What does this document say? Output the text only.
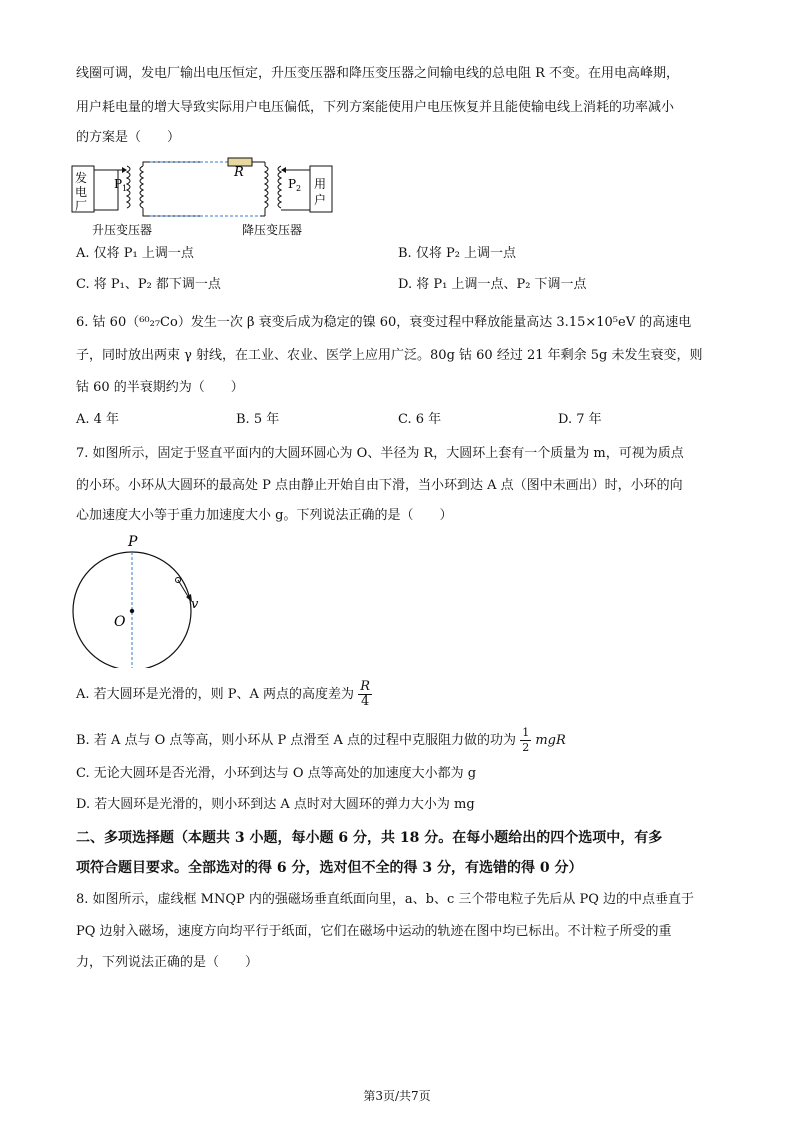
线圈可调，发电厂输出电压恒定，升压变压器和降压变压器之间输电线的总电阻 R 不变。在用电高峰期，
用户耗电量的增大导致实际用户电压偏低，下列方案能使用户电压恢复并且能使输电线上消耗的功率减小
的方案是（　　）
发
电
厂
P 1
R
P 2 用
户
升压变压器	降压变压器
A. 仅将 P₁ 上调一点	B. 仅将 P₂ 上调一点
C. 将 P₁、P₂ 都下调一点	D. 将 P₁ 上调一点、P₂ 下调一点
6. 钴 60（⁶⁰₂₇Co）发生一次 β 衰变后成为稳定的镍 60，衰变过程中释放能量高达 3.15×10⁵eV 的高速电
子，同时放出两束 γ 射线，在工业、农业、医学上应用广泛。80g 钴 60 经过 21 年剩余 5g 未发生衰变，则
钴 60 的半衰期约为（　　）
A. 4 年	B. 5 年	C. 6 年	D. 7 年
7. 如图所示，固定于竖直平面内的大圆环圆心为 O、半径为 R，大圆环上套有一个质量为 m，可视为质点
的小环。小环从大圆环的最高处 P 点由静止开始自由下滑，当小环到达 A 点（图中未画出）时，小环的向
心加速度大小等于重力加速度大小 g。下列说法正确的是（　　）
P
O
v
A. 若大圆环是光滑的，则 P、A 两点的高度差为 $\frac{R}{4}$
B. 若 A 点与 O 点等高，则小环从 P 点滑至 A 点的过程中克服阻力做的功为 $\frac{1}{2}$ mgR
C. 无论大圆环是否光滑，小环到达与 O 点等高处的加速度大小都为 g
D. 若大圆环是光滑的，则小环到达 A 点时对大圆环的弹力大小为 mg
二、多项选择题（本题共 3 小题，每小题 6 分，共 18 分。在每小题给出的四个选项中，有多
项符合题目要求。全部选对的得 6 分，选对但不全的得 3 分，有选错的得 0 分）
8. 如图所示，虚线框 MNQP 内的强磁场垂直纸面向里，a、b、c 三个带电粒子先后从 PQ 边的中点垂直于
PQ 边射入磁场，速度方向均平行于纸面，它们在磁场中运动的轨迹在图中均已标出。不计粒子所受的重
力，下列说法正确的是（　　）
第3页/共7页
